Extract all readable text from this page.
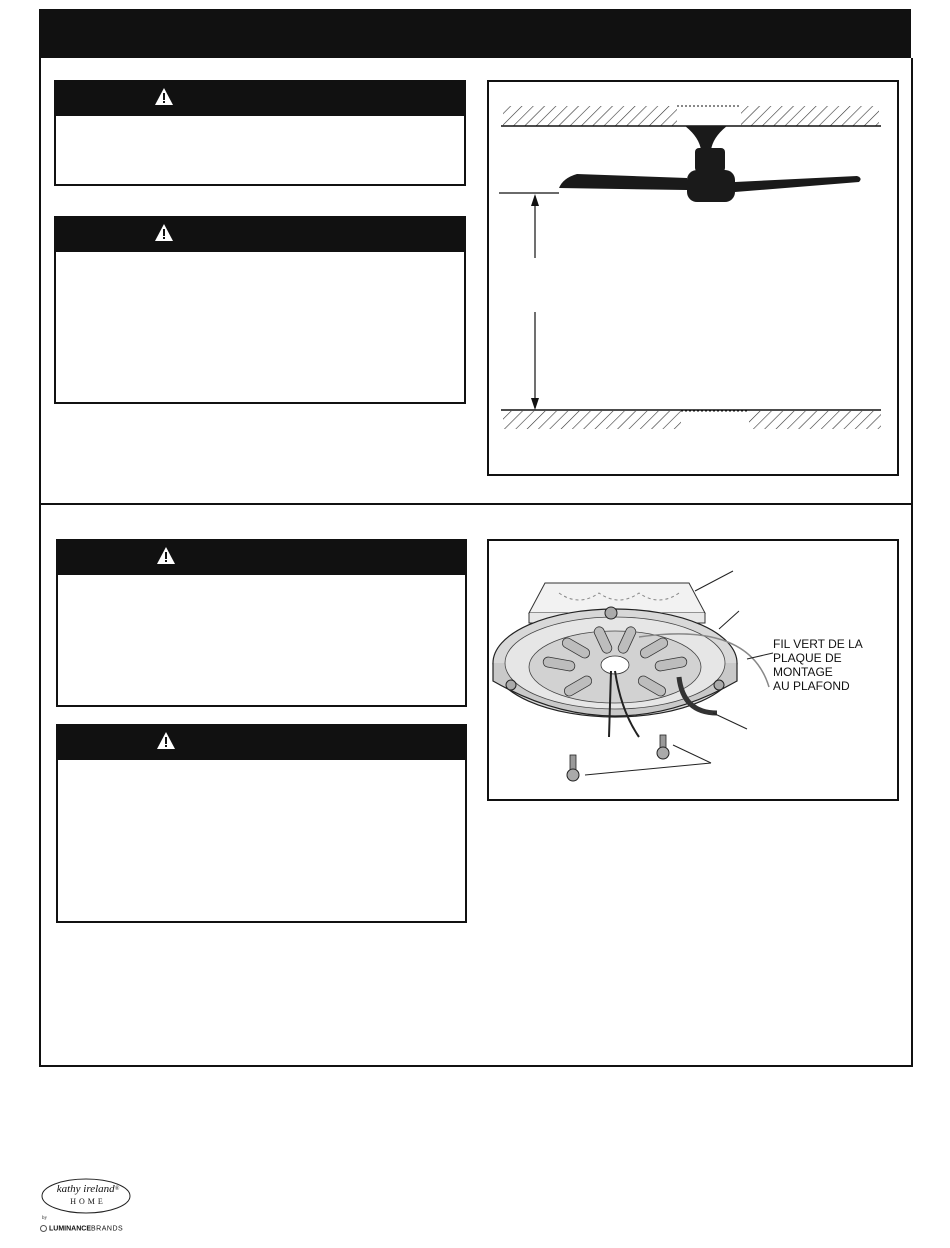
FIL VERT DE LA
PLAQUE DE MONTAGE
AU PLAFOND
kathy ireland®
HOME
by
LUMINANCEBRANDS
